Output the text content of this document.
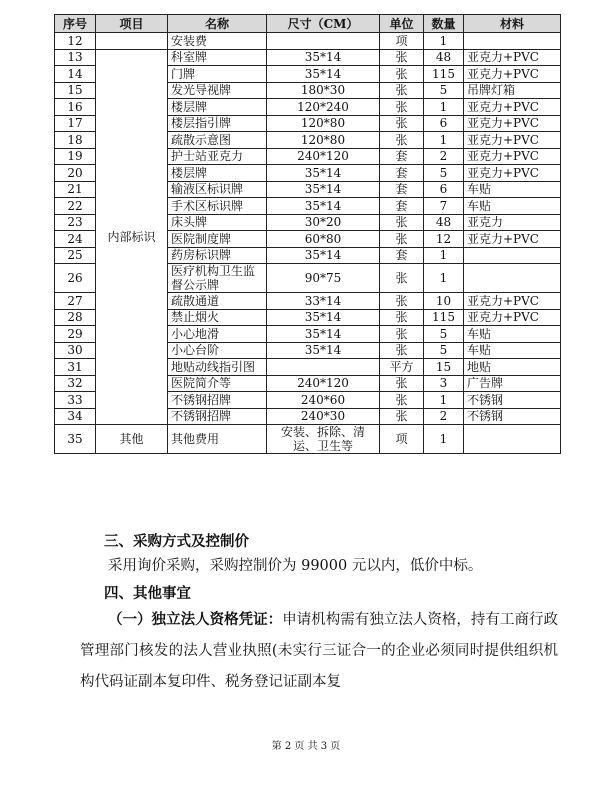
序号	项目	名称	尺寸（CM）	单位	数量	材料
12		安装费		项	1	
13	内部标识	科室牌	35*14	张	48	亚克力+PVC
14		门牌	35*14	张	115	亚克力+PVC
15		发光导视牌	180*30	张	5	吊牌灯箱
16		楼层牌	120*240	张	1	亚克力+PVC
17		楼层指引牌	120*80	张	6	亚克力+PVC
18		疏散示意图	120*80	张	1	亚克力+PVC
19		护士站亚克力	240*120	套	2	亚克力+PVC
20		楼层牌	35*14	套	5	亚克力+PVC
21		输液区标识牌	35*14	套	6	车贴
22		手术区标识牌	35*14	套	7	车贴
23		床头牌	30*20	张	48	亚克力
24		医院制度牌	60*80	张	12	亚克力+PVC
25		药房标识牌	35*14	套	1	
26		医疗机构卫生监督公示牌	90*75	张	1	
27		疏散通道	33*14	张	10	亚克力+PVC
28		禁止烟火	35*14	张	115	亚克力+PVC
29		小心地滑	35*14	张	5	车贴
30		小心台阶	35*14	张	5	车贴
31		地贴动线指引图		平方	15	地贴
32		医院简介等	240*120	张	3	广告牌
33		不锈钢招牌	240*60	张	1	不锈钢
34		不锈钢招牌	240*30	张	2	不锈钢
35	其他	其他费用	安装、拆除、清运、卫生等	项	1	
三、采购方式及控制价
采用询价采购，采购控制价为 99000 元以内，低价中标。
四、其他事宜
（一）独立法人资格凭证：申请机构需有独立法人资格，持有工商行政管理部门核发的法人营业执照(未实行三证合一的企业必须同时提供组织机构代码证副本复印件、税务登记证副本复
第 2 页 共 3 页
